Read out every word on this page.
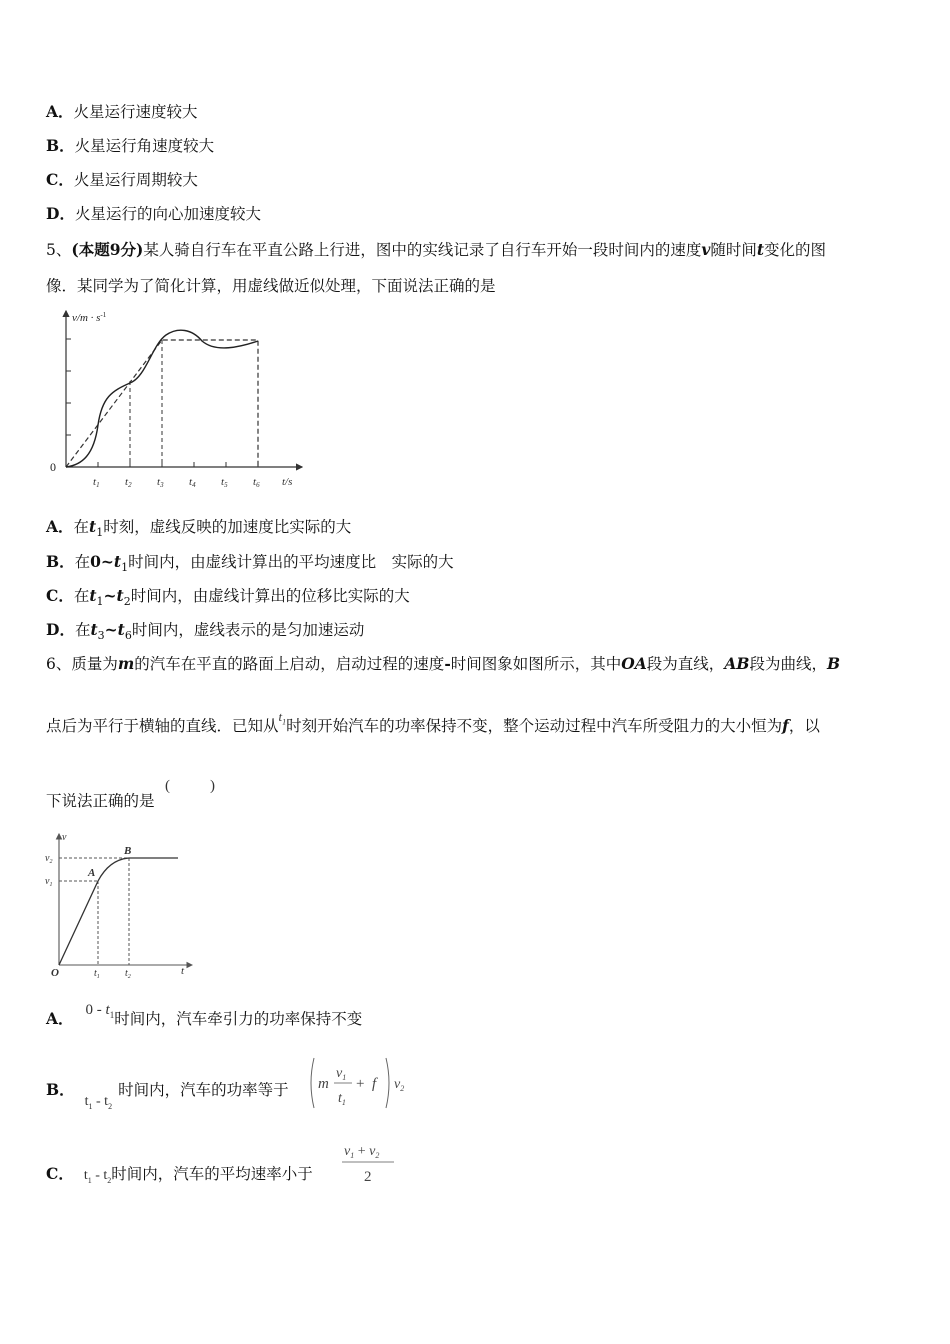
A．火星运行速度较大
B．火星运行角速度较大
C．火星运行周期较大
D．火星运行的向心加速度较大
5、(本题9分)某人骑自行车在平直公路上行进，图中的实线记录了自行车开始一段时间内的速度v随时间t变化的图
像．某同学为了简化计算，用虚线做近似处理，下面说法正确的是
$v/m \cdot s^{-1}$
0
t1 t2 t3 t4 t5 t6 t/s
A．在$t_1$时刻，虚线反映的加速度比实际的大
B．在$0\sim t_1$时间内，由虚线计算出的平均速度比　实际的大
C．在$t_1\sim t_2$时间内，由虚线计算出的位移比实际的大
D．在$t_3\sim t_6$时间内，虚线表示的是匀加速运动
6、质量为m的汽车在平直的路面上启动，启动过程的速度-时间图象如图所示，其中OA段为直线，AB段为曲线，B
点后为平行于横轴的直线．已知从$^{t_1}$时刻开始汽车的功率保持不变，整个运动过程中汽车所受阻力的大小恒为f，以
下说法正确的是
(	)
v
$v_2$
$v_1$
A
B
O	$t_1$	$t_2$	t
A． $0 - t_1$时间内，汽车牵引力的功率保持不变
B．$t_1 - t_2$时间内，汽车的功率等于 m
$v_1$
$t_1$
+ f $v_2$
C． $t_1 - t_2$时间内，汽车的平均速率小于
$v_1 + v_2$
2
